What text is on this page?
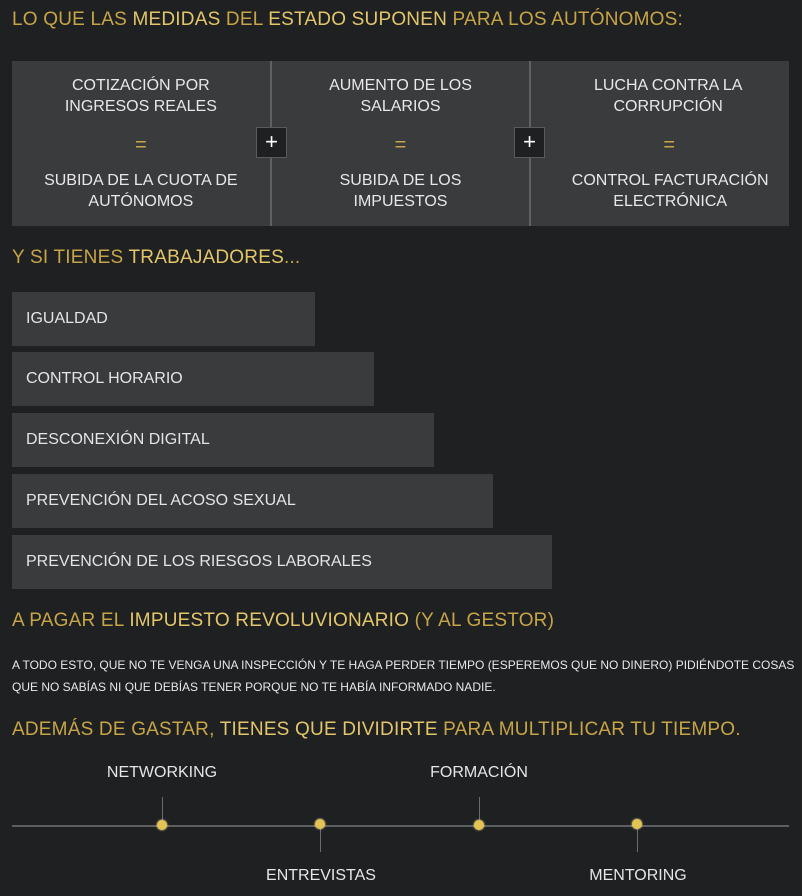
LO QUE LAS MEDIDAS DEL ESTADO SUPONEN PARA LOS AUTÓNOMOS:
COTIZACIÓN POR INGRESOS REALES
=
SUBIDA DE LA CUOTA DE AUTÓNOMOS
AUMENTO DE LOS SALARIOS
=
SUBIDA DE LOS IMPUESTOS
LUCHA CONTRA LA CORRUPCIÓN
=
CONTROL FACTURACIÓN ELECTRÓNICA
+	+
Y SI TIENES TRABAJADORES...
IGUALDAD
CONTROL HORARIO
DESCONEXIÓN DIGITAL
PREVENCIÓN DEL ACOSO SEXUAL
PREVENCIÓN DE LOS RIESGOS LABORALES
A PAGAR EL IMPUESTO REVOLUVIONARIO (Y AL GESTOR)

A TODO ESTO, QUE NO TE VENGA UNA INSPECCIÓN Y TE HAGA PERDER TIEMPO (ESPEREMOS QUE NO DINERO) PIDIÉNDOTE COSAS QUE NO SABÍAS NI QUE DEBÍAS TENER PORQUE NO TE HABÍA INFORMADO NADIE.

ADEMÁS DE GASTAR, TIENES QUE DIVIDIRTE PARA MULTIPLICAR TU TIEMPO.
NETWORKING
ENTREVISTAS
FORMACIÓN
MENTORING
